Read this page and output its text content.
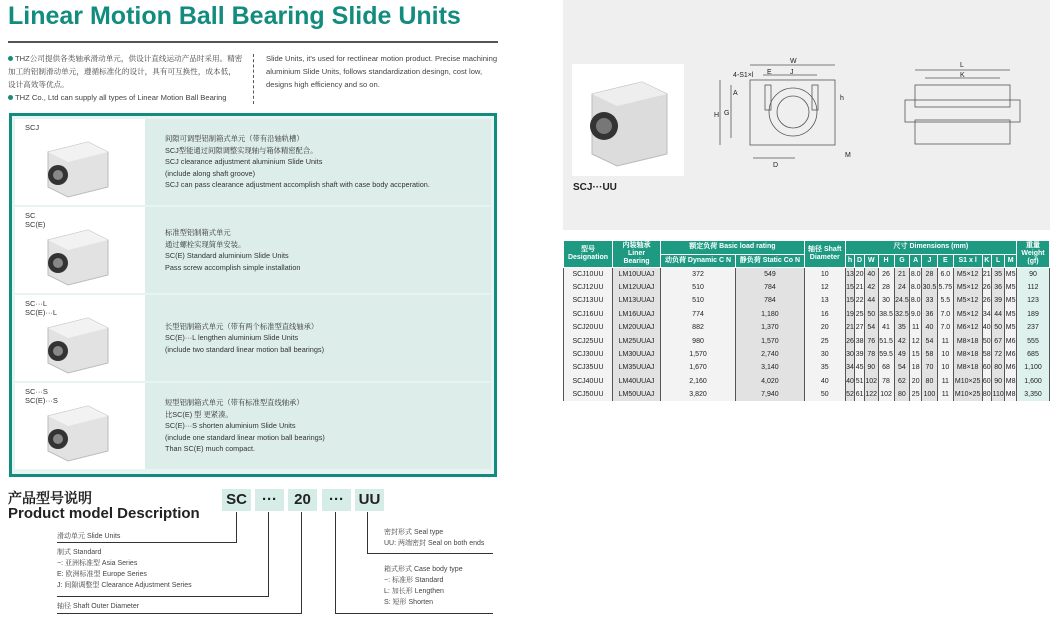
Linear Motion Ball Bearing Slide Units
THZ公司提供各类轴承滑动单元，供设计直线运动产品时采用。精密加工的铝制滑动单元，遵循标准化的设计，具有可互换性，成本低，设计高效等优点。
THZ Co., Ltd can supply all types of Linear Motion Ball Bearing
Slide Units, it's used for rectlinear motion product. Precise machining aluminium Slide Units, follows standardization desingn, cost low, designs high efficiency and so on.
SCJ
间隙可调型铝制箱式单元（带有沿轴轨槽）
SCJ型能通过间隙调整实现轴与箱体精密配合。
SCJ clearance adjustment aluminium Slide Units
(include along shaft groove)
SCJ can pass clearance adjustment accomplish shaft with case body accperation.
SC
SC(E)
标准型铝制箱式单元
通过螺栓实现简单安装。
SC(E) Standard aluminium Slide Units
Pass screw accomplish simple installation
SC···L
SC(E)···L
长型铝制箱式单元（带有两个标准型直线轴承）
SC(E)···L lengthen aluminium Slide Units
(include two standard linear motion ball bearings)
SC···S
SC(E)···S	短型铝制箱式单元（带有标准型直线轴承）
比SC(E) 型 更紧凑。
SC(E)···S shorten aluminium Slide Units
(include one standard linear motion ball bearings)
Than SC(E) much compact.
产品型号说明
Product model Description
SC	···	20	··· UU
滑动单元 Slide Units
制式 Standard
−: 亚洲标准型 Asia Series
E: 欧洲标准型 Europe Series
J: 间隙调整型 Clearance Adjustment Series
轴径 Shaft Outer Diameter
密封形式 Seal type
UU: 两端密封 Seal on both ends
箱式形式 Case body type
−: 标准形 Standard
L: 加长形 Lengthen
S: 短形 Shorten
SCJ···UU
W
E	J
4-S1×l
A
G
H
h
D
M
L
K
型号 Designation	内装轴承 Liner Bearing	额定负荷 Basic load rating		轴径 Shaft Diameter	尺寸 Dimensions (mm)												重量 Weight (gf)
		动负荷 Dynamic C N	静负荷 Static Co N		h	D	W	H	G	A	J	E	S1 x l	K	L	M	
SCJ10UU	LM10UUAJ	372	549	10	13	20	40	26	21	8.0	28	6.0	M5×12	21	35	M5	90
SCJ12UU	LM12UUAJ	510	784	12	15	21	42	28	24	8.0	30.5	5.75	M5×12	26	36	M5	112
SCJ13UU	LM13UUAJ	510	784	13	15	22	44	30	24.5	8.0	33	5.5	M5×12	26	39	M5	123
SCJ16UU	LM16UUAJ	774	1,180	16	19	25	50	38.5	32.5	9.0	36	7.0	M5×12	34	44	M5	189
SCJ20UU	LM20UUAJ	882	1,370	20	21	27	54	41	35	11	40	7.0	M6×12	40	50	M5	237
SCJ25UU	LM25UUAJ	980	1,570	25	26	38	76	51.5	42	12	54	11	M8×18	50	67	M6	555
SCJ30UU	LM30UUAJ	1,570	2,740	30	30	39	78	59.5	49	15	58	10	M8×18	58	72	M6	685
SCJ35UU	LM35UUAJ	1,670	3,140	35	34	45	90	68	54	18	70	10	M8×18	60	80	M6	1,100
SCJ40UU	LM40UUAJ	2,160	4,020	40	40	51	102	78	62	20	80	11	M10×25	60	90	M8	1,600
SCJ50UU	LM50UUAJ	3,820	7,940	50	52	61	122	102	80	25	100	11	M10×25	80	110	M8	3,350
